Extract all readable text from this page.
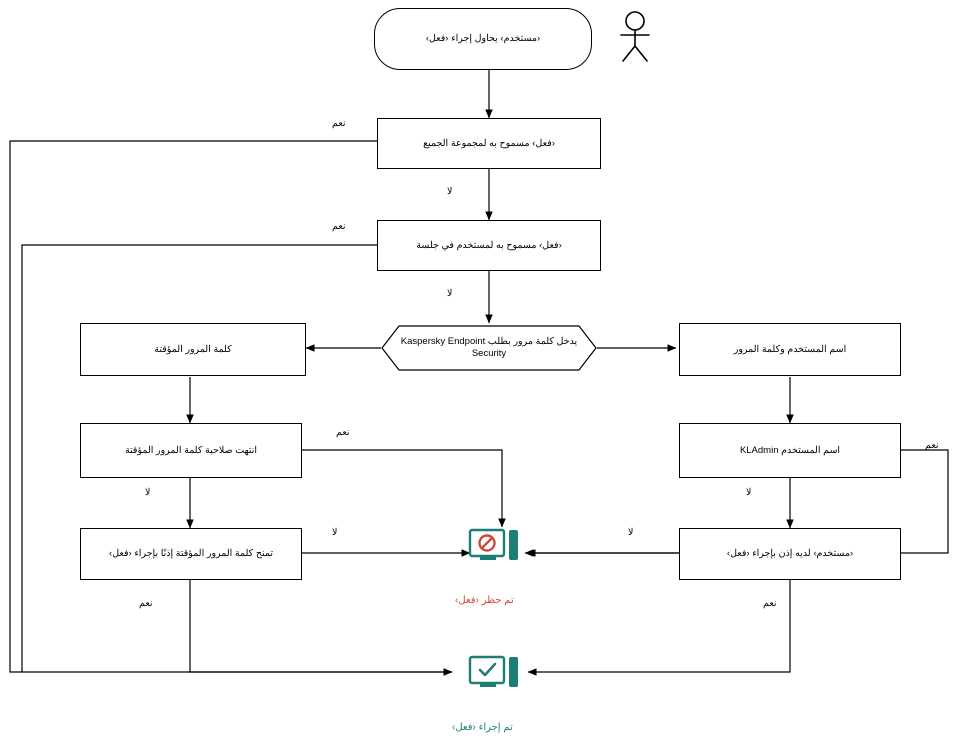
‏‹مستخدم› يحاول إجراء ‹فعل›
‏‹فعل› مسموح به لمجموعة الجميع
‏‹فعل› مسموح به لمستخدم في جلسة
‏يدخل كلمة مرور بطلب Kaspersky Endpoint Security
‏كلمة المرور المؤقتة	‏اسم المستخدم وكلمة المرور
‏انتهت صلاحية كلمة المرور المؤقتة	‏اسم المستخدم KLAdmin
‏تمنح كلمة المرور المؤقتة إذنًا بإجراء ‹فعل›	‏‹مستخدم› لديه إذن بإجراء ‹فعل›
‏تم حظر ‹فعل›
‏تم إجراء ‹فعل›
نعم
لا
نعم
لا
نعم
لا
نعم
لا
لا	لا
نعم	نعم
